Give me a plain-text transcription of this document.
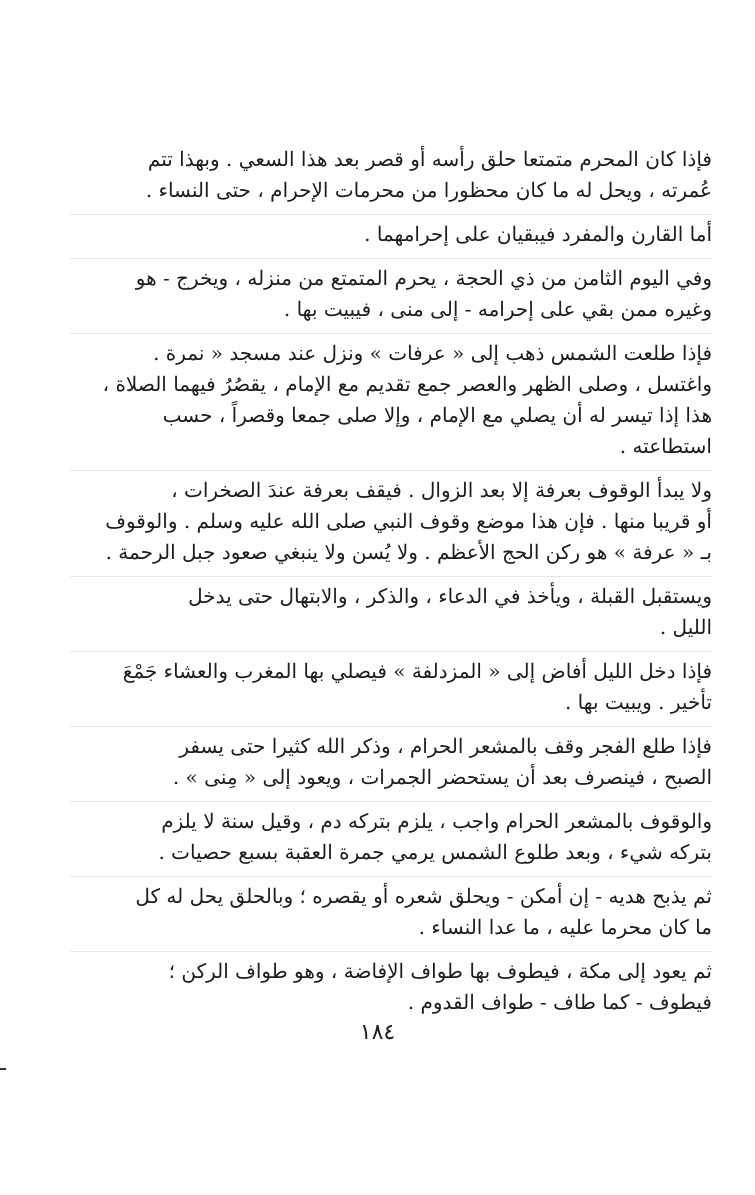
فإذا كان المحرم متمتعا حلق رأسه أو قصر بعد هذا السعي . وبهذا تتم
عُمرته ، ويحل له ما كان محظورا من محرمات الإحرام ، حتى النساء .

أما القارن والمفرد فيبقيان على إحرامهما .

وفي اليوم الثامن من ذي الحجة ، يحرم المتمتع من منزله ، ويخرج - هو
وغيره ممن بقي على إحرامه - إلى منى ، فيبيت بها .

فإذا طلعت الشمس ذهب إلى « عرفات » ونزل عند مسجد « نمرة .
واغتسل ، وصلى الظهر والعصر جمع تقديم مع الإمام ، يقصُرُ فيهما الصلاة ،
هذا إذا تيسر له أن يصلي مع الإمام ، وإلا صلى جمعا وقصراً ، حسب
استطاعته .

ولا يبدأ الوقوف بعرفة إلا بعد الزوال . فيقف بعرفة عندَ الصخرات ،
أو قريبا منها . فإن هذا موضع وقوف النبي صلى الله عليه وسلم . والوقوف
بـ « عرفة » هو ركن الحج الأعظم . ولا يُسن ولا ينبغي صعود جبل الرحمة .

ويستقبل القبلة ، ويأخذ في الدعاء ، والذكر ، والابتهال حتى يدخل
الليل .

فإذا دخل الليل أفاض إلى « المزدلفة » فيصلي بها المغرب والعشاء جَمْعَ
تأخير . ويبيت بها .

فإذا طلع الفجر وقف بالمشعر الحرام ، وذكر الله كثيرا حتى يسفر
الصبح ، فينصرف بعد أن يستحضر الجمرات ، ويعود إلى « مِنى » .

والوقوف بالمشعر الحرام واجب ، يلزم بتركه دم ، وقيل سنة لا يلزم
بتركه شيء ، وبعد طلوع الشمس يرمي جمرة العقبة بسبع حصيات .

ثم يذبح هديه - إن أمكن - ويحلق شعره أو يقصره ؛ وبالحلق يحل له كل
ما كان محرما عليه ، ما عدا النساء .

ثم يعود إلى مكة ، فيطوف بها طواف الإفاضة ، وهو طواف الركن ؛
فيطوف - كما طاف - طواف القدوم .

١٨٤
